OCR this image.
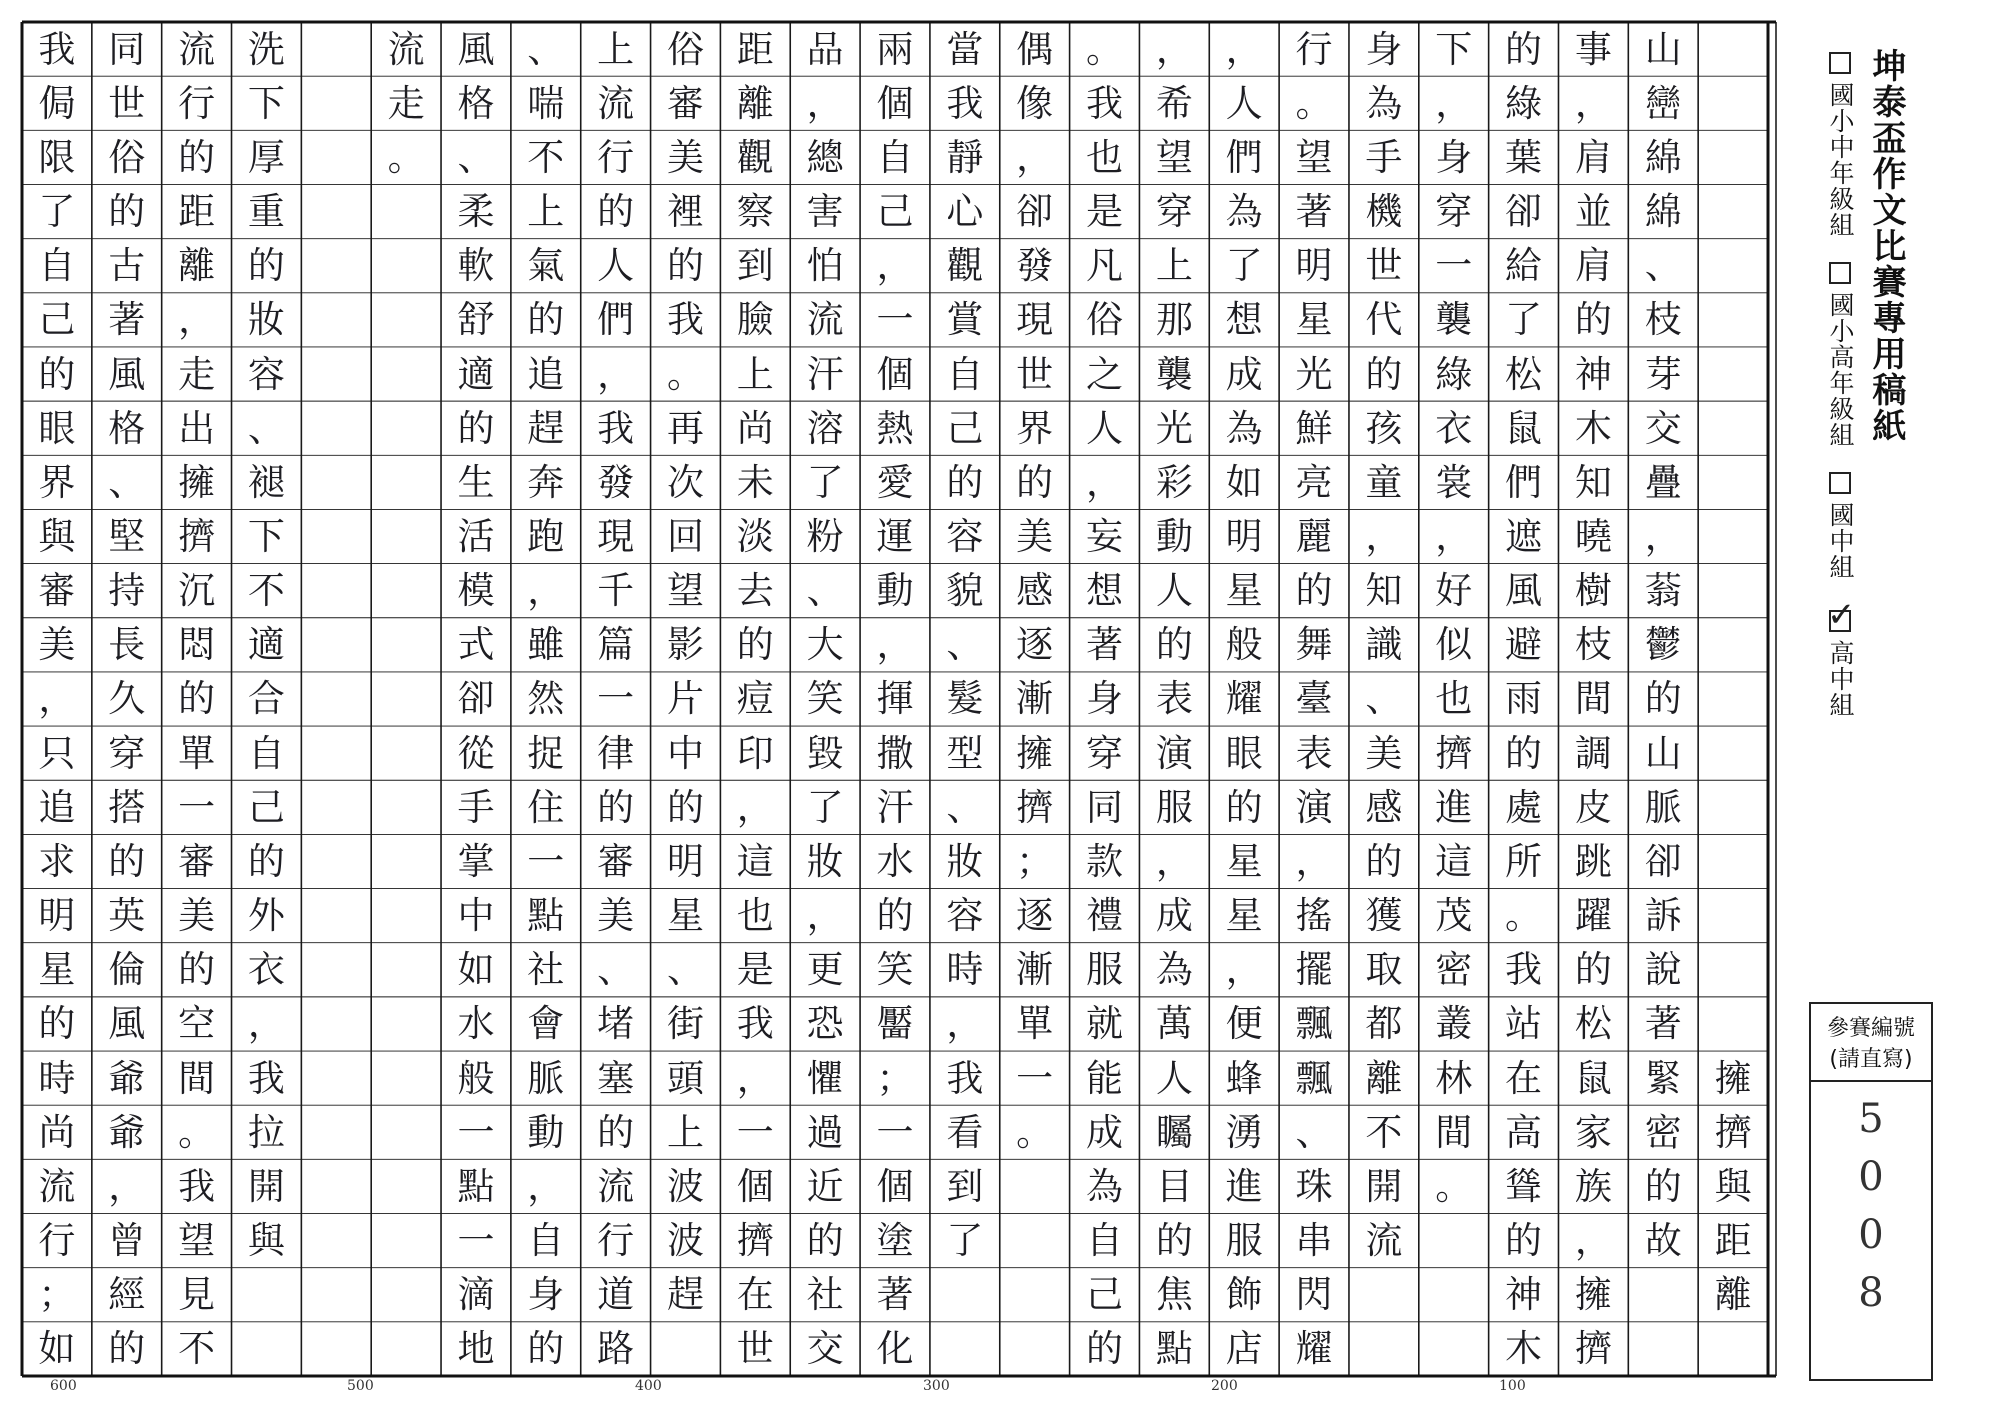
擁
擠
與
距
離
山
巒
綿
綿
、
枝
芽
交
疊
，
蓊
鬱
的
山
脈
卻
訴
說
著
緊
密
的
故
事
，
肩
並
肩
的
神
木
知
曉
樹
枝
間
調
皮
跳
躍
的
松
鼠
家
族
，
擁
擠
的
綠
葉
卻
給
了
松
鼠
們
遮
風
避
雨
的
處
所
。
我
站
在
高
聳
的
神
木
下
，
身
穿
一
襲
綠
衣
裳
，
好
似
也
擠
進
這
茂
密
叢
林
間
。
身
為
手
機
世
代
的
孩
童
，
知
識
、
美
感
的
獲
取
都
離
不
開
流
行
。
望
著
明
星
光
鮮
亮
麗
的
舞
臺
表
演
，
搖
擺
飄
飄
、
珠
串
閃
耀
，
人
們
為
了
想
成
為
如
明
星
般
耀
眼
的
星
星
，
便
蜂
湧
進
服
飾
店
，
希
望
穿
上
那
襲
光
彩
動
人
的
表
演
服
，
成
為
萬
人
矚
目
的
焦
點
。
我
也
是
凡
俗
之
人
，
妄
想
著
身
穿
同
款
禮
服
就
能
成
為
自
己
的
偶
像
，
卻
發
現
世
界
的
美
感
逐
漸
擁
擠
；
逐
漸
單
一
。
當
我
靜
心
觀
賞
自
己
的
容
貌
、
髮
型
、
妝
容
時
，
我
看
到
了
兩
個
自
己
，
一
個
熱
愛
運
動
，
揮
撒
汗
水
的
笑
靨
；
一
個
塗
著
化
品
，
總
害
怕
流
汗
溶
了
粉
、
大
笑
毀
了
妝
，
更
恐
懼
過
近
的
社
交
距
離
觀
察
到
臉
上
尚
未
淡
去
的
痘
印
，
這
也
是
我
，
一
個
擠
在
世
俗
審
美
裡
的
我
。
再
次
回
望
影
片
中
的
明
星
、
街
頭
上
波
波
趕
上
流
行
的
人
們
，
我
發
現
千
篇
一
律
的
審
美
、
堵
塞
的
流
行
道
路
、
喘
不
上
氣
的
追
趕
奔
跑
，
雖
然
捉
住
一
點
社
會
脈
動
，
自
身
的
風
格
、
柔
軟
舒
適
的
生
活
模
式
卻
從
手
掌
中
如
水
般
一
點
一
滴
地
流
走
。
洗
下
厚
重
的
妝
容
、
褪
下
不
適
合
自
己
的
外
衣
，
我
拉
開
與
流
行
的
距
離
，
走
出
擁
擠
沉
悶
的
單
一
審
美
的
空
間
。
我
望
見
不
同
世
俗
的
古
著
風
格
、
堅
持
長
久
穿
搭
的
英
倫
風
爺
爺
，
曾
經
的
我
侷
限
了
自
己
的
眼
界
與
審
美
，
只
追
求
明
星
的
時
尚
流
行
；
如
坤泰盃作文比賽專用稿紙
國小中年級組
國小高年級組
國中組
✓
高中組
參賽編號
(請直寫)
5
0
0
8
100
200
300
400
500
600
